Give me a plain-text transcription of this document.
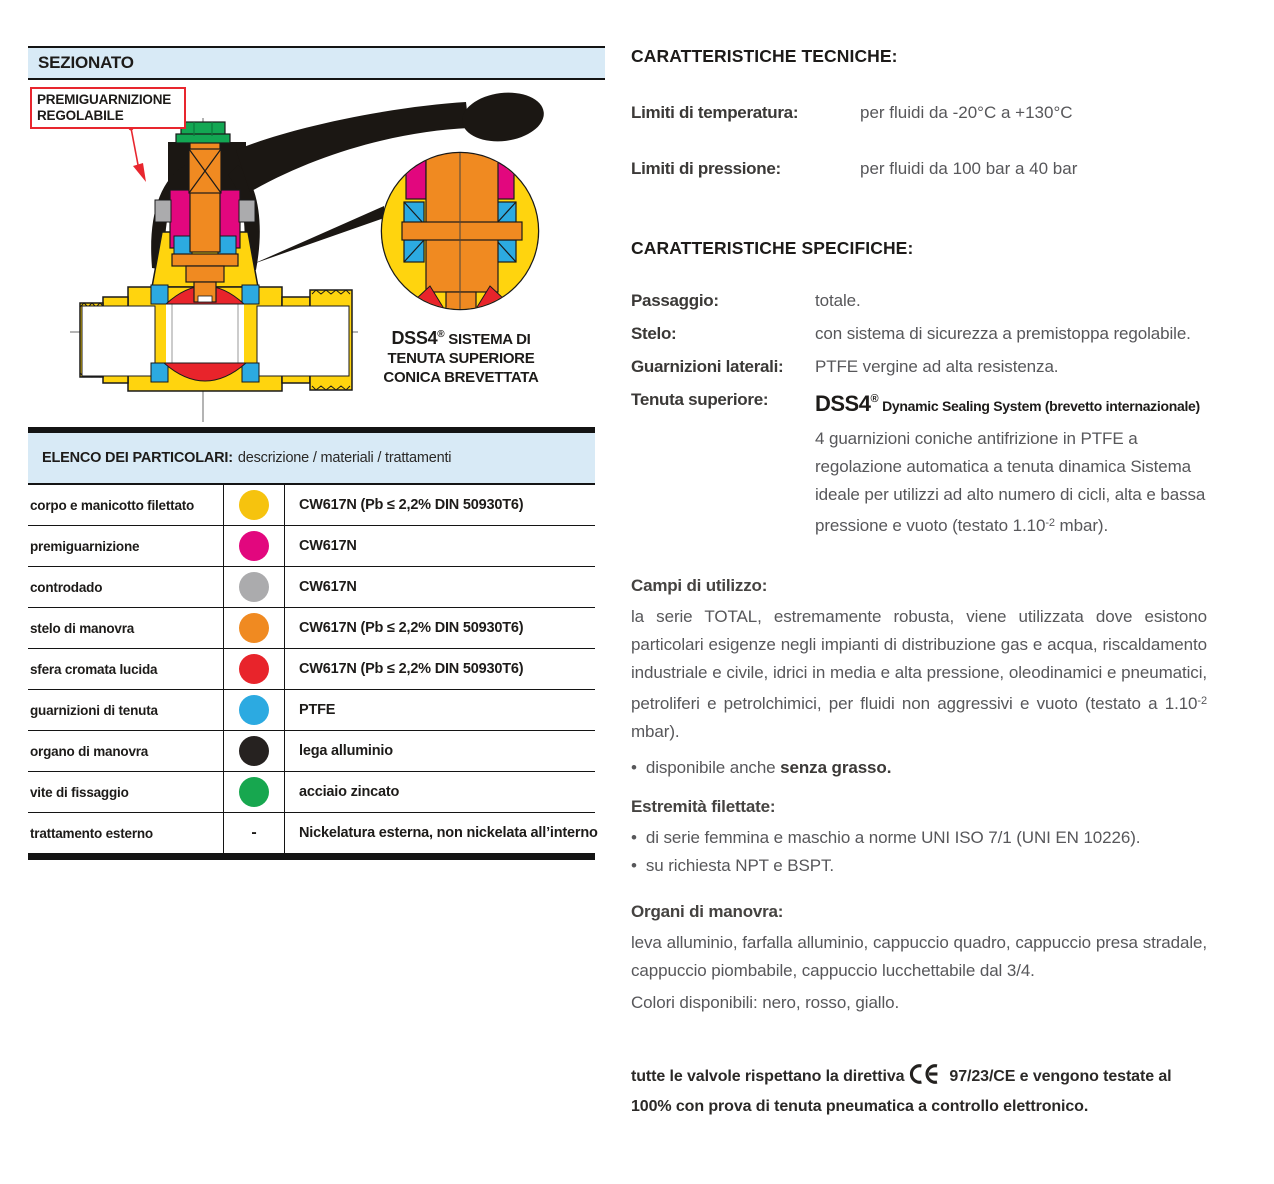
SEZIONATO
PREMIGUARNIZIONE
REGOLABILE
DSS4® SISTEMA DI
TENUTA SUPERIORE
CONICA BREVETTATA
ELENCO DEI PARTICOLARI: descrizione / materiali / trattamenti
corpo e manicotto filettato	CW617N (Pb ≤ 2,2% DIN 50930T6)
premiguarnizione	CW617N
controdado	CW617N
stelo di manovra	CW617N (Pb ≤ 2,2% DIN 50930T6)
sfera cromata lucida	CW617N (Pb ≤ 2,2% DIN 50930T6)
guarnizioni di tenuta	PTFE
organo di manovra	lega alluminio
vite di fissaggio	acciaio zincato
trattamento esterno	-	Nickelatura esterna, non nickelata all’interno
CARATTERISTICHE TECNICHE:
Limiti di temperatura:	per fluidi da -20°C a +130°C
Limiti di pressione:	per fluidi da 100 bar a 40 bar
CARATTERISTICHE SPECIFICHE:
Passaggio:	totale.
Stelo:	con sistema di sicurezza a premistoppa regolabile.
Guarnizioni laterali:	PTFE vergine ad alta resistenza.
Tenuta superiore:	DSS4® Dynamic Sealing System (brevetto internazionale)
4 guarnizioni coniche antifrizione in PTFE a regolazione automatica a tenuta dinamica Sistema ideale per utilizzi ad alto numero di cicli, alta e bassa pressione e vuoto (testato $1.10^{-2}$ mbar).
Campi di utilizzo:
la serie TOTAL, estremamente robusta, viene utilizzata dove esistono particolari esigenze negli impianti di distribuzione gas e acqua, riscaldamento industriale e civile, idrici in media e alta pressione, oleodinamici e pneumatici, petroliferi e petrolchimici, per fluidi non aggressivi e vuoto (testato a $1.10^{-2}$ mbar).
• disponibile anche senza grasso.
Estremità filettate:
• di serie femmina e maschio a norme UNI ISO 7/1 (UNI EN 10226).
• su richiesta NPT e BSPT.
Organi di manovra:
leva alluminio, farfalla alluminio, cappuccio quadro, cappuccio presa stradale, cappuccio piombabile, cappuccio lucchettabile dal 3/4.
Colori disponibili: nero, rosso, giallo.
tutte le valvole rispettano la direttiva	97/23/CE e vengono testate al 100% con prova di tenuta pneumatica a controllo elettronico.
